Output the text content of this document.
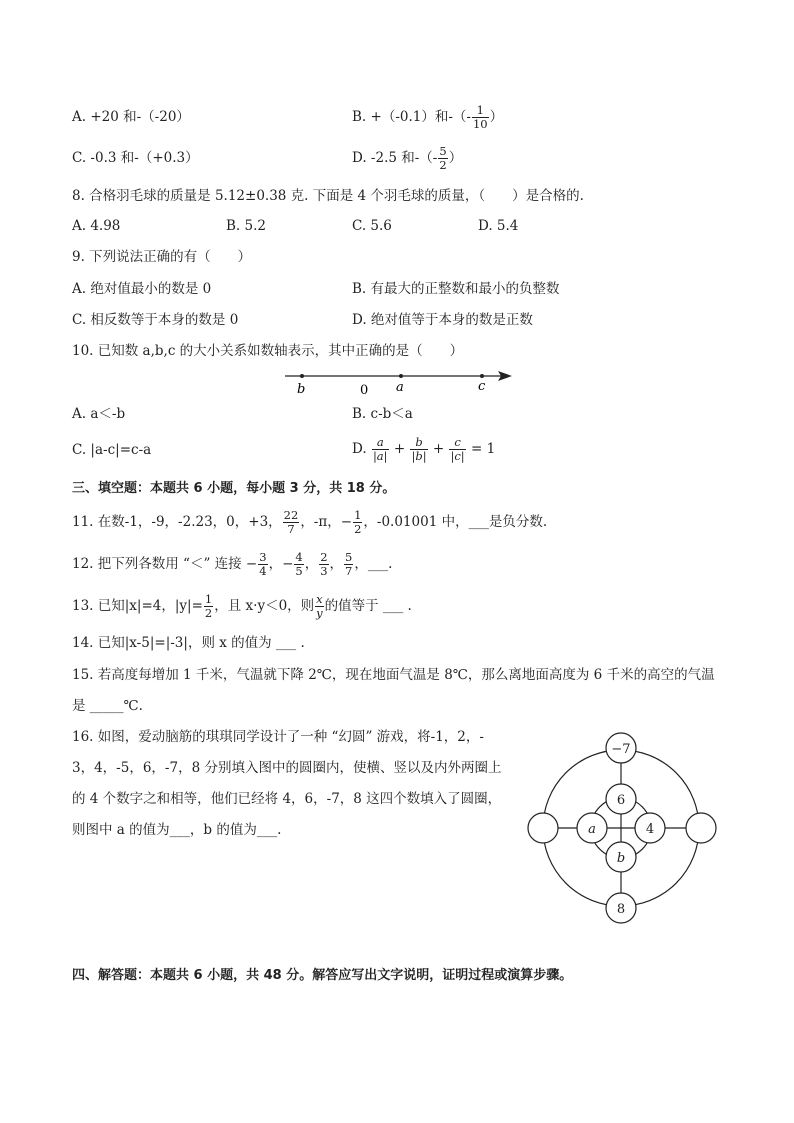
A. +20 和-（-20）	B. +（-0.1）和-（- $\frac{1}{10}$ ）
C. -0.3 和-（+0.3）	D. -2.5 和-（- $\frac{5}{2}$ ）
8. 合格羽毛球的质量是 5.12±0.38 克. 下面是 4 个羽毛球的质量，（　　）是合格的.
A. 4.98	B. 5.2	C. 5.6	D. 5.4
9. 下列说法正确的有（　　）
A. 绝对值最小的数是 0	B. 有最大的正整数和最小的负整数
C. 相反数等于本身的数是 0	D. 绝对值等于本身的数是正数
10. 已知数 a,b,c 的大小关系如数轴表示，其中正确的是（　　）
b	0 a	c
A. a＜-b	B. c-b＜a
C. |a-c|=c-a	D. $\frac{a}{|a|} + \frac{b}{|b|} + \frac{c}{|c|} = 1$
三、填空题：本题共 6 小题，每小题 3 分，共 18 分。
11. 在数-1，-9，-2.23，0，+3， $\frac{22}{7}$ ，-π，− $\frac{1}{2}$ ，-0.01001 中，___是负分数.
12. 把下列各数用 “＜” 连接 − $\frac{3}{4}$ ，− $\frac{4}{5}$ ， $\frac{2}{3}$ ， $\frac{5}{7}$ ，___.
13. 已知|x|=4，$|y|= \frac{1}{2}$ ，且 x·y＜0，则 $\frac{x}{y}$ 的值等于 ___ .
14. 已知|x-5|=|-3|，则 x 的值为 ___ .
15. 若高度每增加 1 千米，气温就下降 2℃，现在地面气温是 8℃，那么离地面高度为 6 千米的高空的气温
是 _____℃.
16. 如图，爱动脑筋的琪琪同学设计了一种 “幻圆” 游戏，将-1，2，-
3，4，-5，6，-7，8 分别填入图中的圆圈内，使横、竖以及内外两圈上
的 4 个数字之和相等，他们已经将 4，6，-7，8 这四个数填入了圆圈，
则图中 a 的值为___，b 的值为___.
−7
8
6
b
a	4
四、解答题：本题共 6 小题，共 48 分。解答应写出文字说明，证明过程或演算步骤。
